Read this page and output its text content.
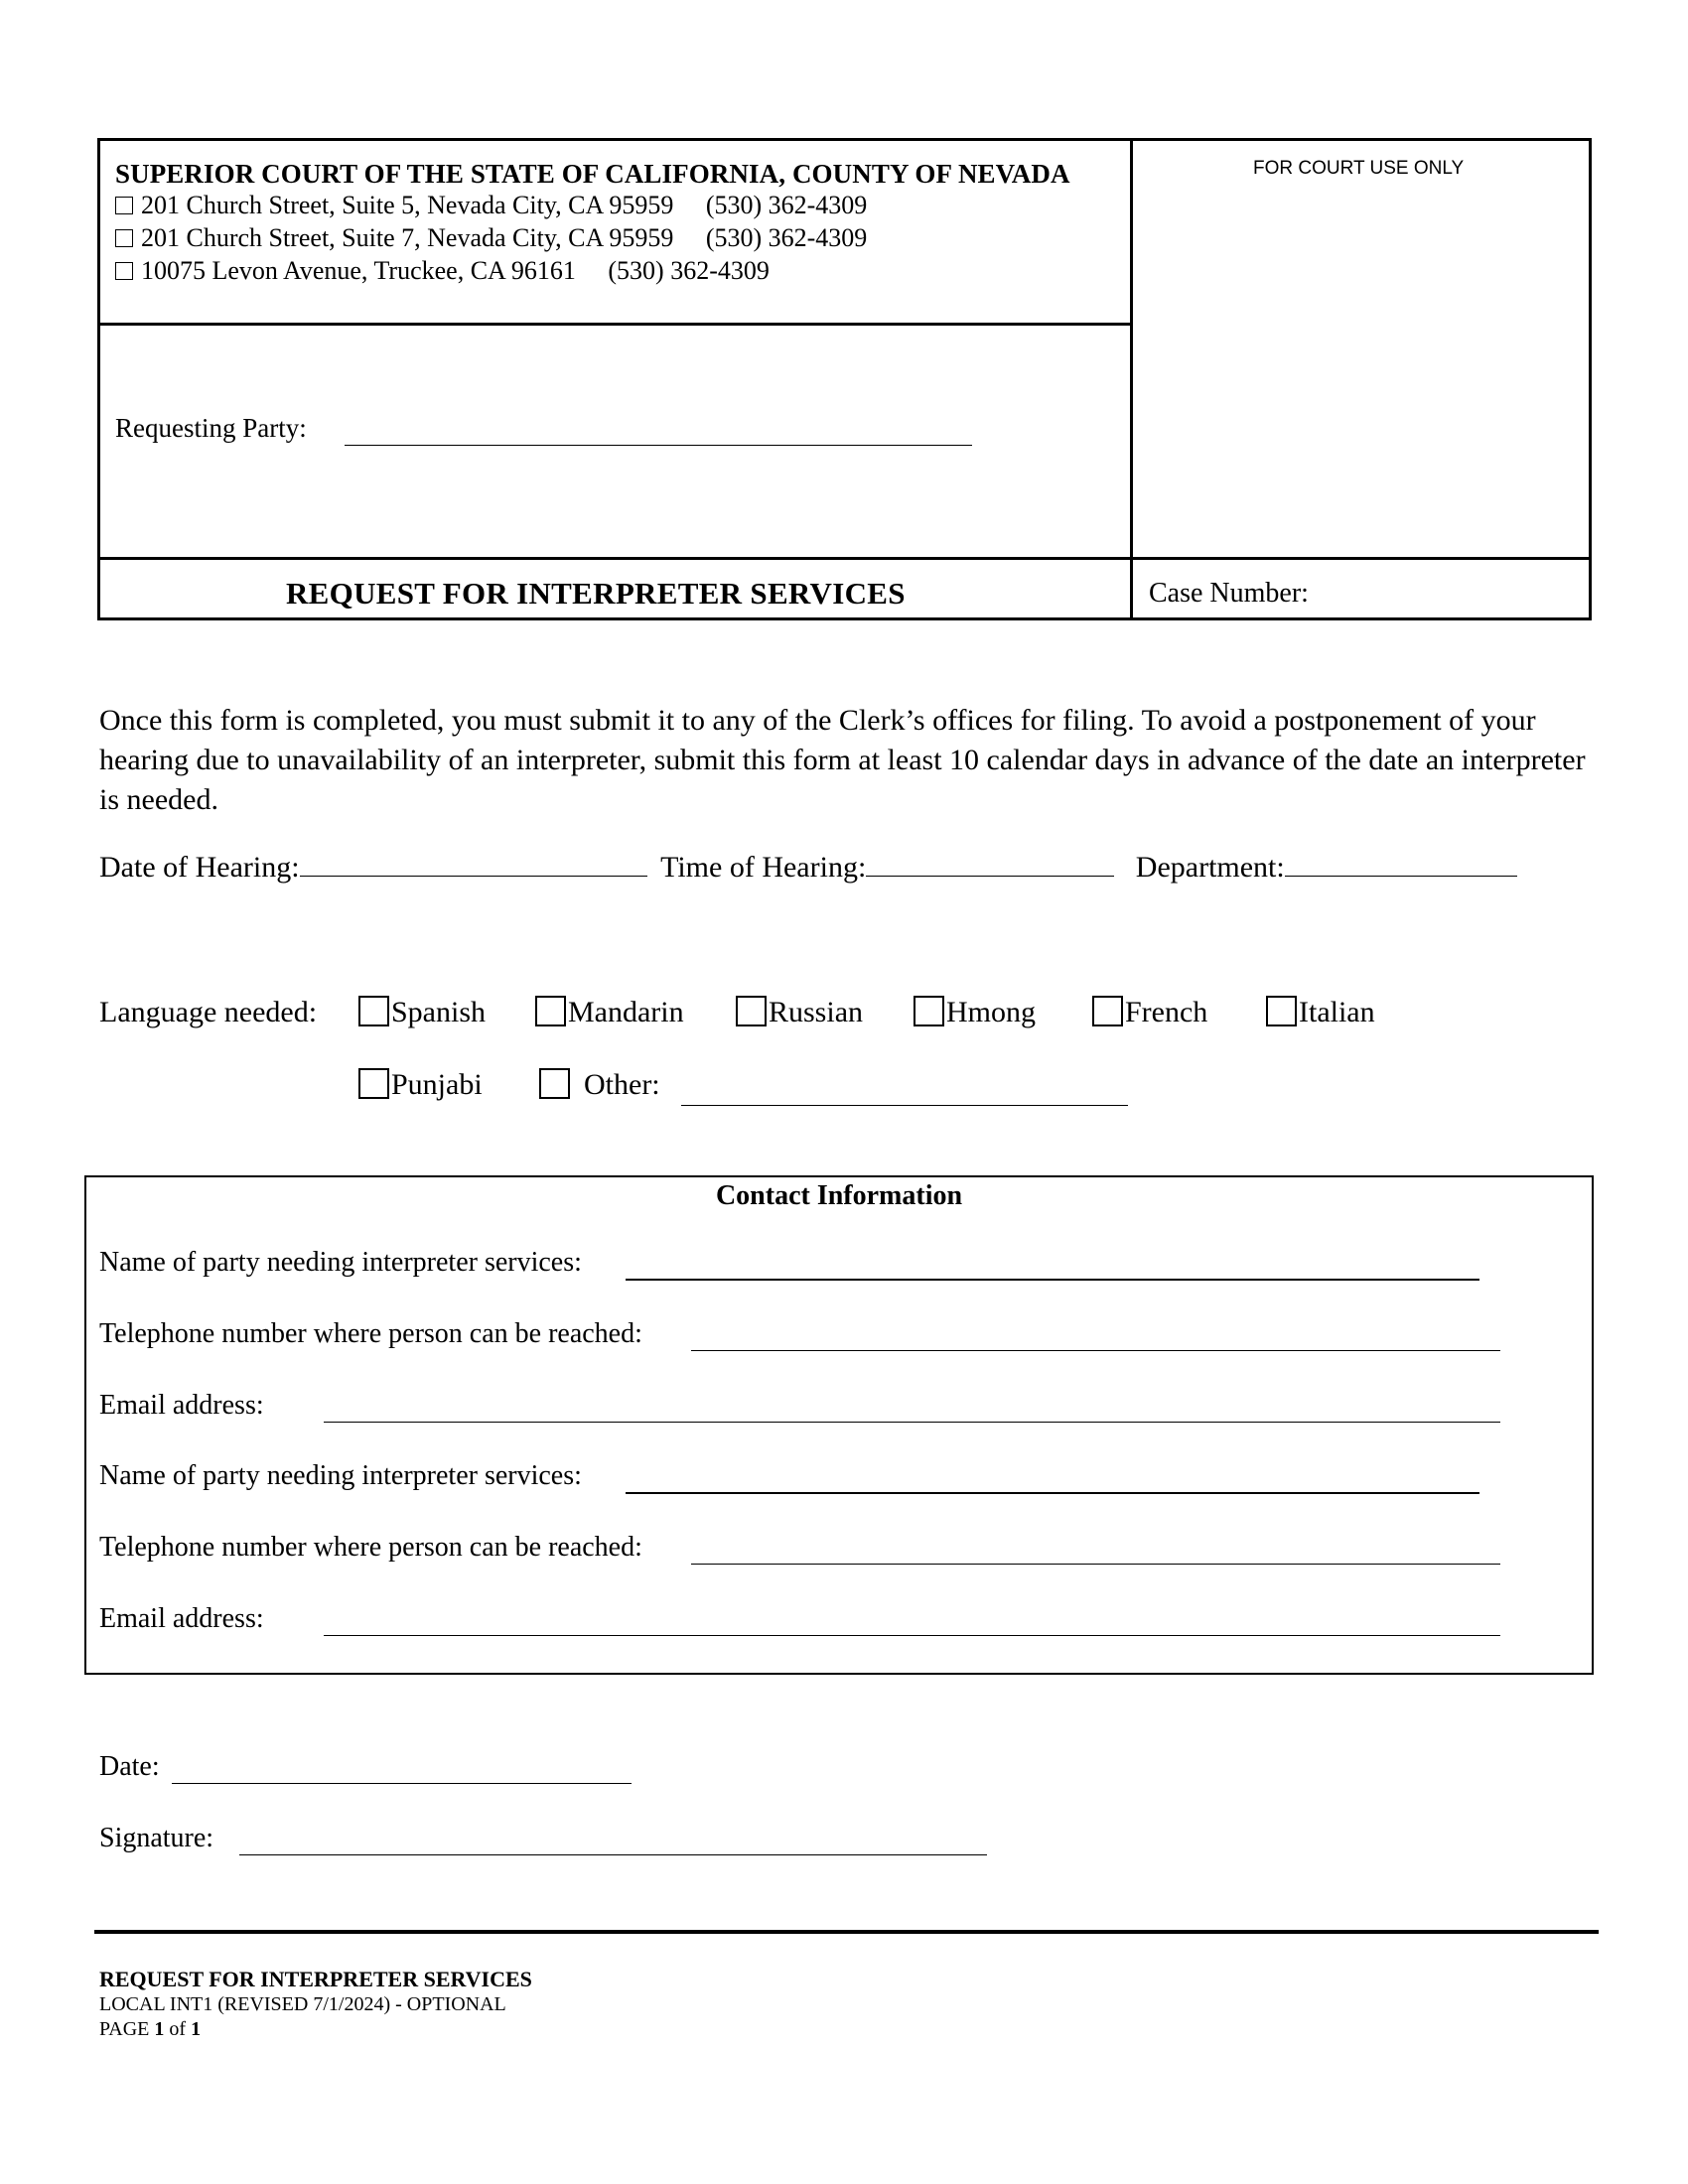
SUPERIOR COURT OF THE STATE OF CALIFORNIA, COUNTY OF NEVADA
201 Church Street, Suite 5, Nevada City, CA 95959     (530) 362-4309
201 Church Street, Suite 7, Nevada City, CA 95959     (530) 362-4309
10075 Levon Avenue, Truckee, CA 96161     (530) 362-4309
FOR COURT USE ONLY
Requesting Party:
REQUEST FOR INTERPRETER SERVICES	Case Number:
Once this form is completed, you must submit it to any of the Clerk’s offices for filing. To avoid a postponement of your hearing due to unavailability of an interpreter, submit this form at least 10 calendar days in advance of the date an interpreter is needed.
Date of Hearing:	Time of Hearing:	Department:
Language needed:	Spanish	Mandarin	Russian	Hmong	French	Italian
Punjabi	Other:
Contact Information
Name of party needing interpreter services:
Telephone number where person can be reached:
Email address:
Name of party needing interpreter services:
Telephone number where person can be reached:
Email address:
Date:
Signature:
REQUEST FOR INTERPRETER SERVICES
LOCAL INT1 (REVISED 7/1/2024) - OPTIONAL
PAGE 1 of 1
